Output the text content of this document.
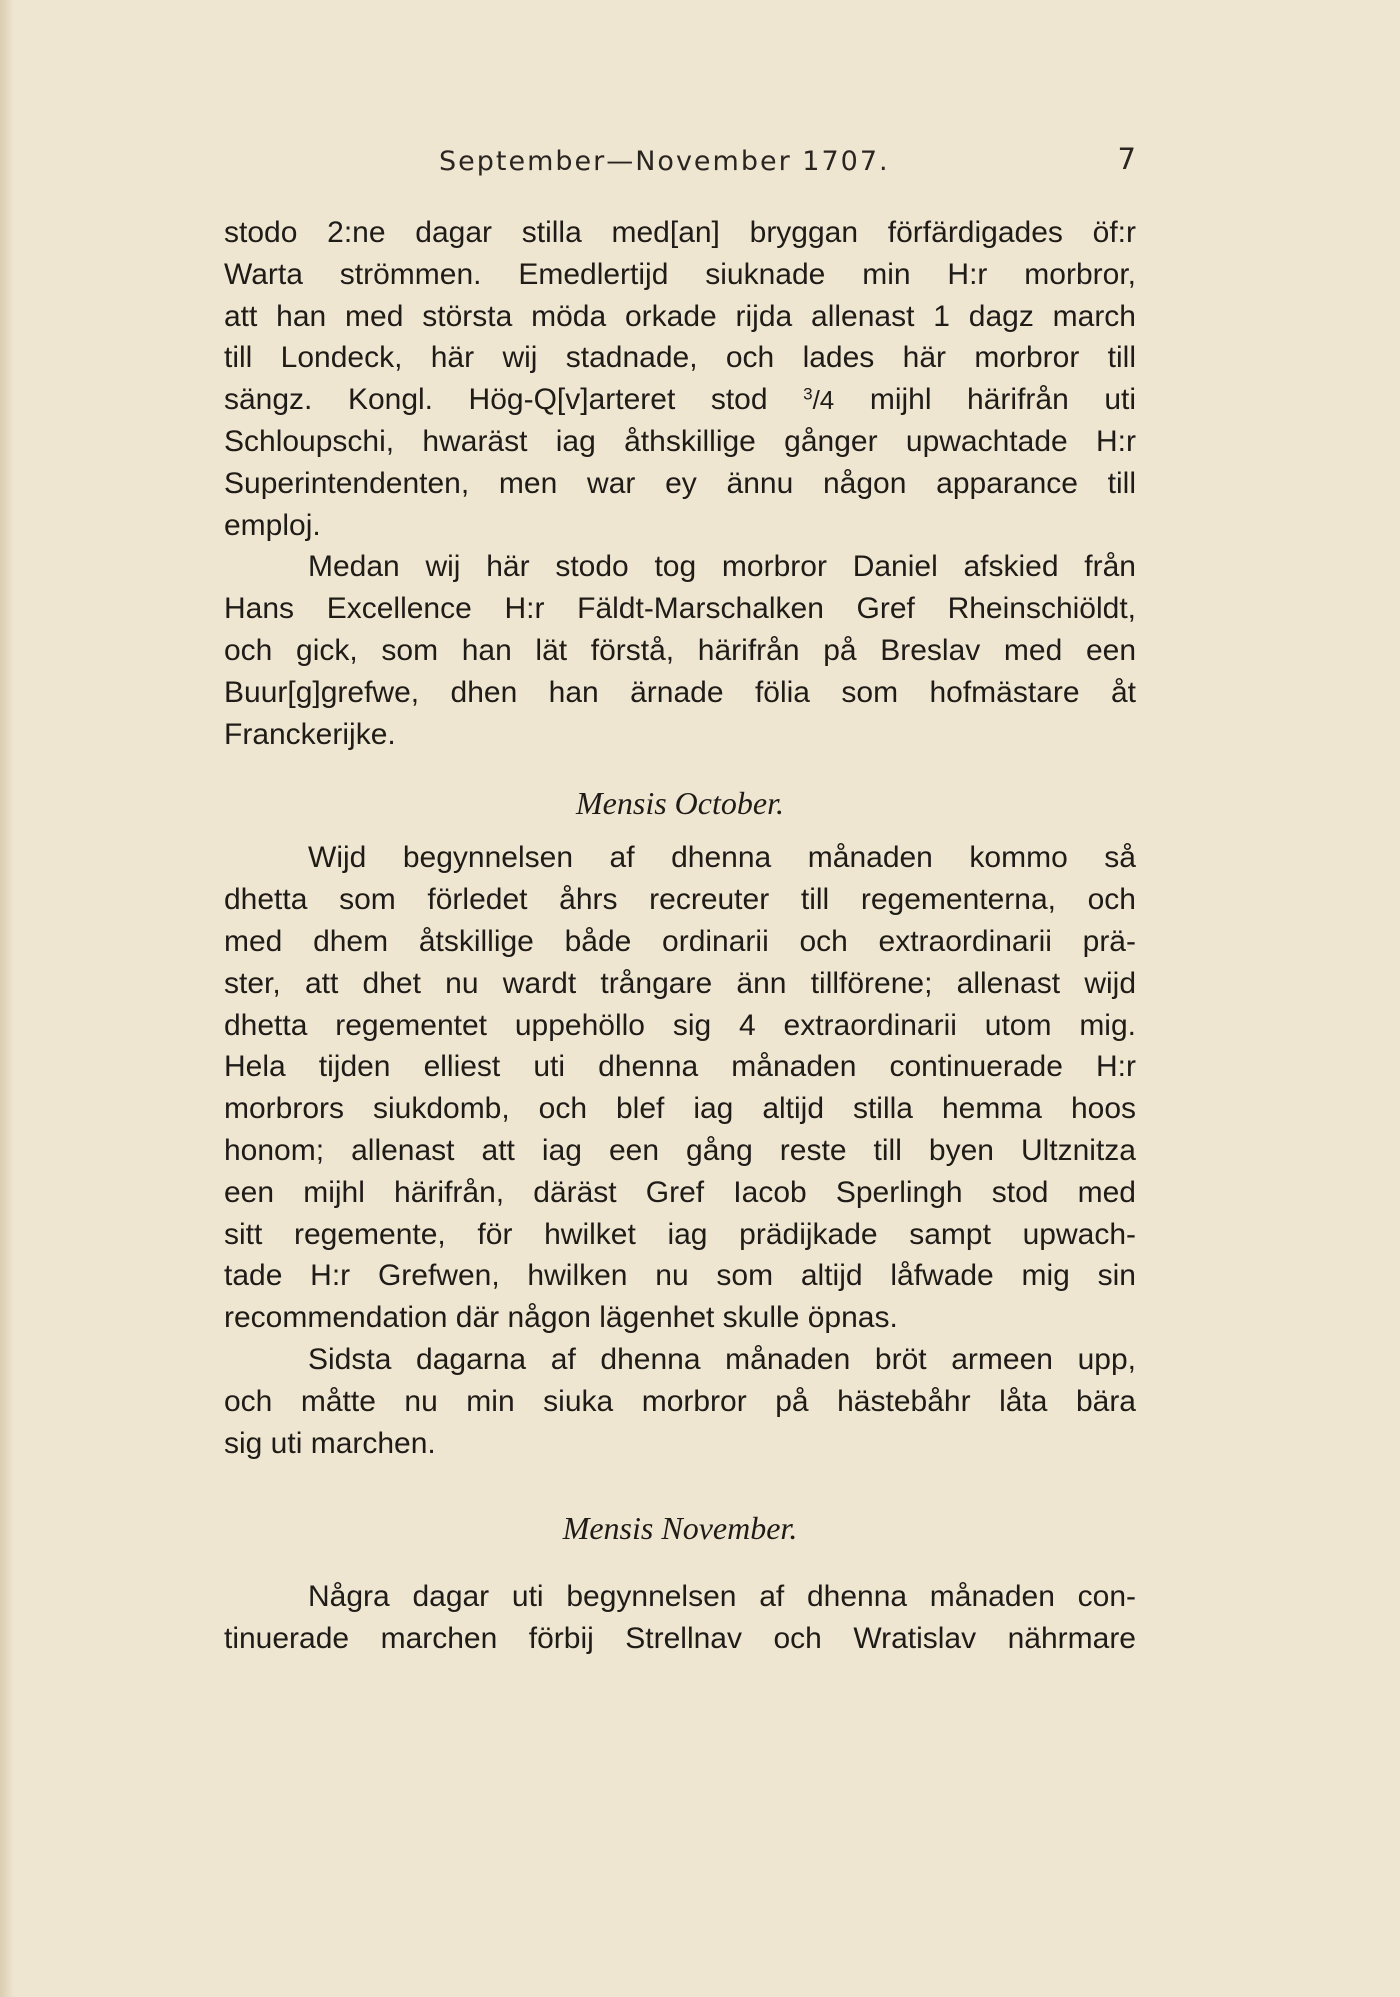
September—November 1707.	7
stodo 2:ne dagar stilla med[an] bryggan förfärdigades öf:r
Warta strömmen. Emedlertijd siuknade min H:r morbror,
att han med största möda orkade rijda allenast 1 dagz march
till Londeck, här wij stadnade, och lades här morbror till
sängz. Kongl. Hög-Q[v]arteret stod $^3$/4 mijhl härifrån uti
Schloupschi, hwaräst iag åthskillige gånger upwachtade H:r
Superintendenten, men war ey ännu någon apparance till
emploj.
Medan wij här stodo tog morbror Daniel afskied från
Hans Excellence H:r Fäldt-Marschalken Gref Rheinschiöldt,
och gick, som han lät förstå, härifrån på Breslav med een
Buur[g]grefwe, dhen han ärnade fölia som hofmästare åt
Franckerijke.
Mensis October.
Wijd begynnelsen af dhenna månaden kommo så
dhetta som förledet åhrs recreuter till regementerna, och
med dhem åtskillige både ordinarii och extraordinarii prä-
ster, att dhet nu wardt trångare änn tillförene; allenast wijd
dhetta regementet uppehöllo sig 4 extraordinarii utom mig.
Hela tijden elliest uti dhenna månaden continuerade H:r
morbrors siukdomb, och blef iag altijd stilla hemma hoos
honom; allenast att iag een gång reste till byen Ultznitza
een mijhl härifrån, däräst Gref Iacob Sperlingh stod med
sitt regemente, för hwilket iag prädijkade sampt upwach-
tade H:r Grefwen, hwilken nu som altijd låfwade mig sin
recommendation där någon lägenhet skulle öpnas.
Sidsta dagarna af dhenna månaden bröt armeen upp,
och måtte nu min siuka morbror på hästebåhr låta bära
sig uti marchen.
Mensis November.
Några dagar uti begynnelsen af dhenna månaden con-
tinuerade marchen förbij Strellnav och Wratislav nährmare
